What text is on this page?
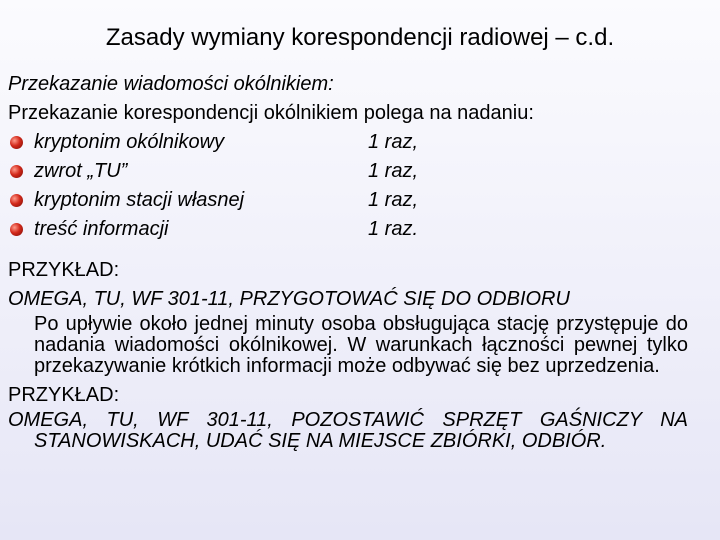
Zasady wymiany korespondencji radiowej – c.d.
Przekazanie wiadomości okólnikiem:
Przekazanie korespondencji okólnikiem polega na nadaniu:
kryptonim okólnikowy	1 raz,
zwrot „TU”	1 raz,
kryptonim stacji własnej	1 raz,
treść informacji	1 raz.
PRZYKŁAD:
OMEGA, TU, WF 301-11, PRZYGOTOWAĆ SIĘ DO ODBIORU
Po upływie około jednej minuty osoba obsługująca stację przystępuje do nadania wiadomości okólnikowej. W warunkach łączności pewnej tylko przekazywanie krótkich informacji może odbywać się bez uprzedzenia.
PRZYKŁAD:
OMEGA, TU, WF 301-11, POZOSTAWIĆ SPRZĘT GAŚNICZY NA STANOWISKACH, UDAĆ SIĘ NA MIEJSCE ZBIÓRKI, ODBIÓR.
